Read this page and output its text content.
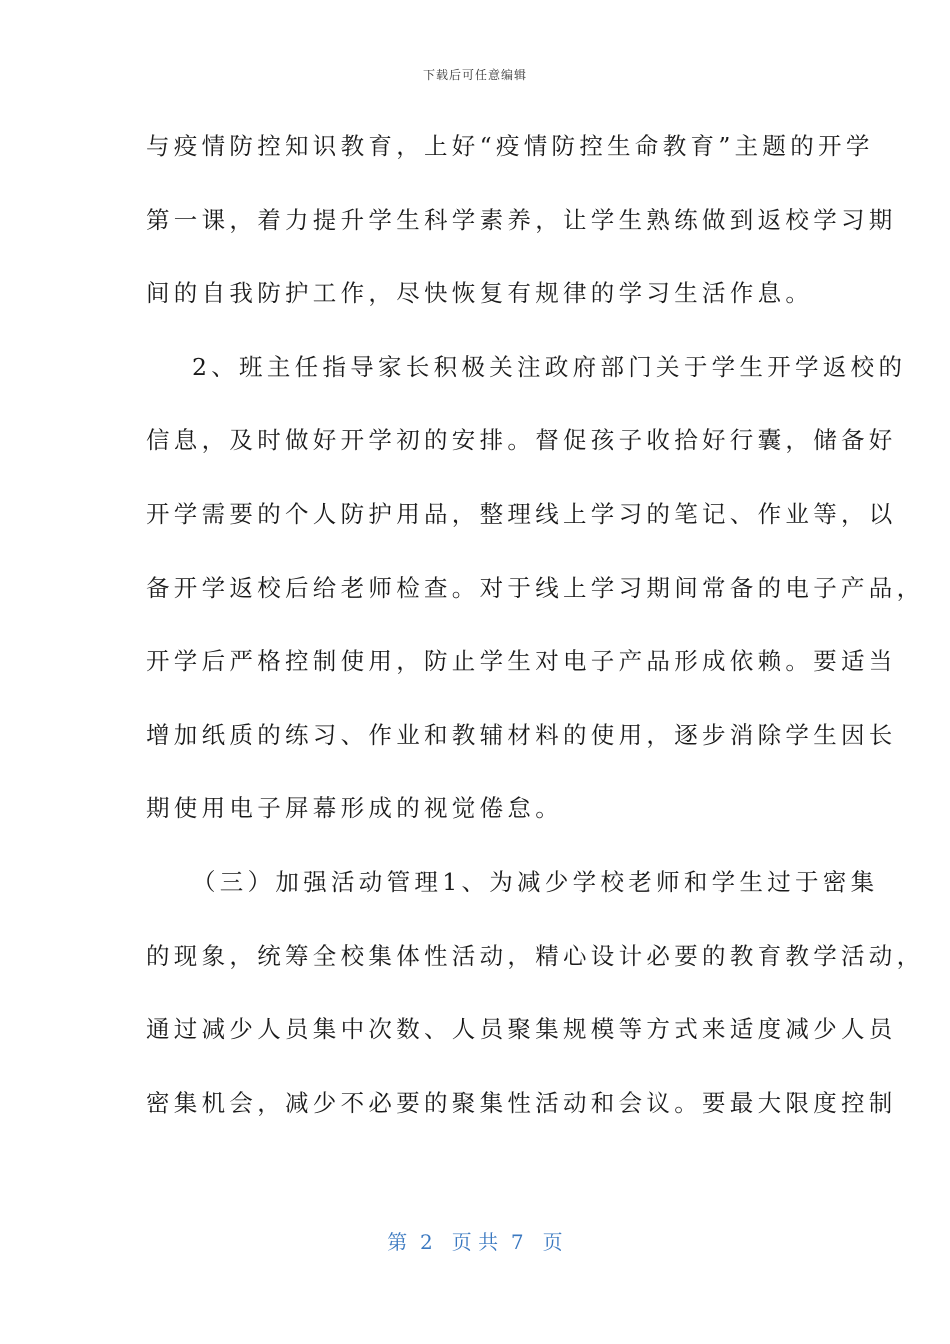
下载后可任意编辑
与疫情防控知识教育，上好“疫情防控生命教育”主题的开学
第一课，着力提升学生科学素养，让学生熟练做到返校学习期
间的自我防护工作，尽快恢复有规律的学习生活作息。
2、班主任指导家长积极关注政府部门关于学生开学返校的
信息，及时做好开学初的安排。督促孩子收拾好行囊，储备好
开学需要的个人防护用品，整理线上学习的笔记、作业等，以
备开学返校后给老师检查。对于线上学习期间常备的电子产品，
开学后严格控制使用，防止学生对电子产品形成依赖。要适当
增加纸质的练习、作业和教辅材料的使用，逐步消除学生因长
期使用电子屏幕形成的视觉倦怠。
（三）加强活动管理1、为减少学校老师和学生过于密集
的现象，统筹全校集体性活动，精心设计必要的教育教学活动，
通过减少人员集中次数、人员聚集规模等方式来适度减少人员
密集机会，减少不必要的聚集性活动和会议。要最大限度控制
第  2   页 共  7   页
